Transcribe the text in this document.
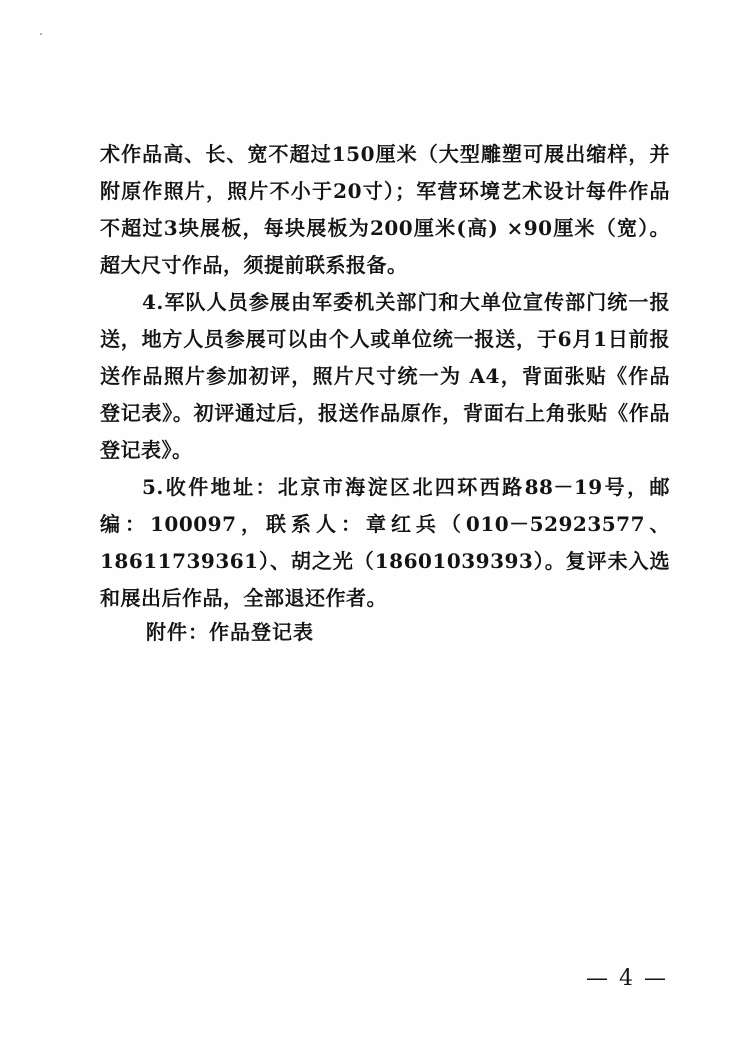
术作品高、长、宽不超过150厘米（大型雕塑可展出缩样，并附原作照片，照片不小于20寸）；军营环境艺术设计每件作品不超过3块展板，每块展板为200厘米(高) ×90厘米（宽）。超大尺寸作品，须提前联系报备。

4.军队人员参展由军委机关部门和大单位宣传部门统一报送，地方人员参展可以由个人或单位统一报送，于6月1日前报送作品照片参加初评，照片尺寸统一为 A4，背面张贴《作品登记表》。初评通过后，报送作品原作，背面右上角张贴《作品登记表》。

5.收件地址：北京市海淀区北四环西路88－19号，邮编：100097，联系人：章红兵（010－52923577、18611739361）、胡之光（18601039393）。复评未入选和展出后作品，全部退还作者。

附件：作品登记表
— 4 —
